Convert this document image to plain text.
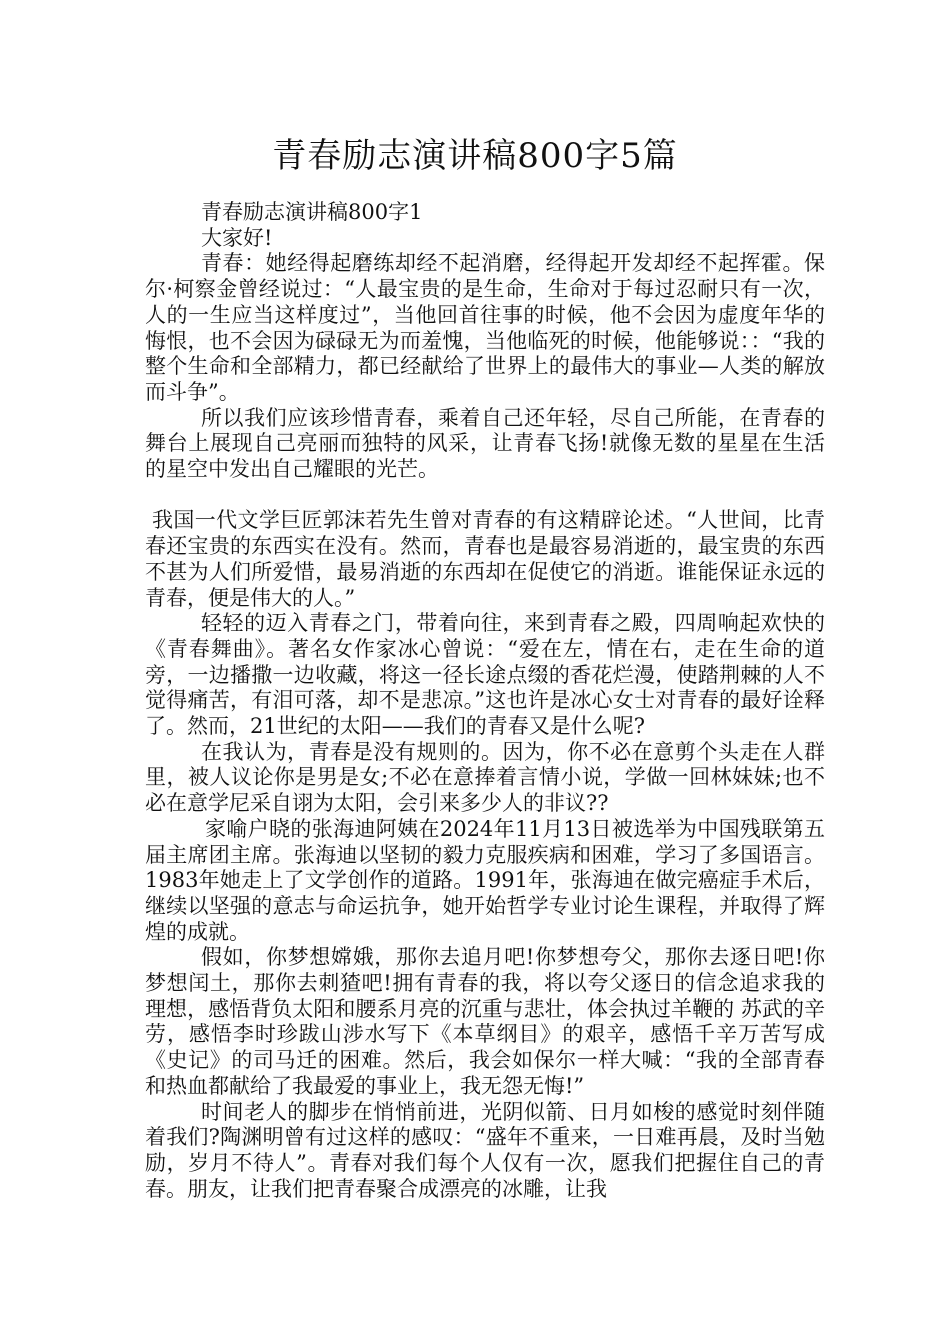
青春励志演讲稿800字5篇

青春励志演讲稿800字1

大家好!

青春：她经得起磨练却经不起消磨，经得起开发却经不起挥霍。保尔·柯察金曾经说过：“人最宝贵的是生命，生命对于每过忍耐只有一次，人的一生应当这样度过”，当他回首往事的时候，他不会因为虚度年华的悔恨，也不会因为碌碌无为而羞愧，当他临死的时候，他能够说：：“我的整个生命和全部精力，都已经献给了世界上的最伟大的事业—人类的解放而斗争”。

所以我们应该珍惜青春，乘着自己还年轻，尽自己所能，在青春的舞台上展现自己亮丽而独特的风采，让青春飞扬!就像无数的星星在生活的星空中发出自己耀眼的光芒。

我国一代文学巨匠郭沫若先生曾对青春的有这精辟论述。“人世间，比青春还宝贵的东西实在没有。然而，青春也是最容易消逝的，最宝贵的东西不甚为人们所爱惜，最易消逝的东西却在促使它的消逝。谁能保证永远的青春，便是伟大的人。”

轻轻的迈入青春之门，带着向往，来到青春之殿，四周响起欢快的《青春舞曲》。著名女作家冰心曾说：“爱在左，情在右，走在生命的道旁，一边播撒一边收藏，将这一径长途点缀的香花烂漫，使踏荆棘的人不觉得痛苦，有泪可落，却不是悲凉。”这也许是冰心女士对青春的最好诠释了。然而，21世纪的太阳——我们的青春又是什么呢?

在我认为，青春是没有规则的。因为，你不必在意剪个头走在人群里，被人议论你是男是女;不必在意捧着言情小说，学做一回林妹妹;也不必在意学尼采自诩为太阳，会引来多少人的非议??

家喻户晓的张海迪阿姨在2024年11月13日被选举为中国残联第五届主席团主席。张海迪以坚韧的毅力克服疾病和困难，学习了多国语言。1983年她走上了文学创作的道路。1991年，张海迪在做完癌症手术后，继续以坚强的意志与命运抗争，她开始哲学专业讨论生课程，并取得了辉煌的成就。

假如，你梦想嫦娥，那你去追月吧!你梦想夸父，那你去逐日吧!你梦想闰土，那你去刺猹吧!拥有青春的我，将以夸父逐日的信念追求我的理想，感悟背负太阳和腰系月亮的沉重与悲壮，体会执过羊鞭的 苏武的辛劳，感悟李时珍跋山涉水写下《本草纲目》的艰辛，感悟千辛万苦写成《史记》的司马迁的困难。然后，我会如保尔一样大喊：“我的全部青春和热血都献给了我最爱的事业上，我无怨无悔!”

时间老人的脚步在悄悄前进，光阴似箭、日月如梭的感觉时刻伴随着我们?陶渊明曾有过这样的感叹：“盛年不重来，一日难再晨，及时当勉励，岁月不待人”。青春对我们每个人仅有一次，愿我们把握住自己的青春。朋友，让我们把青春聚合成漂亮的冰雕，让我
